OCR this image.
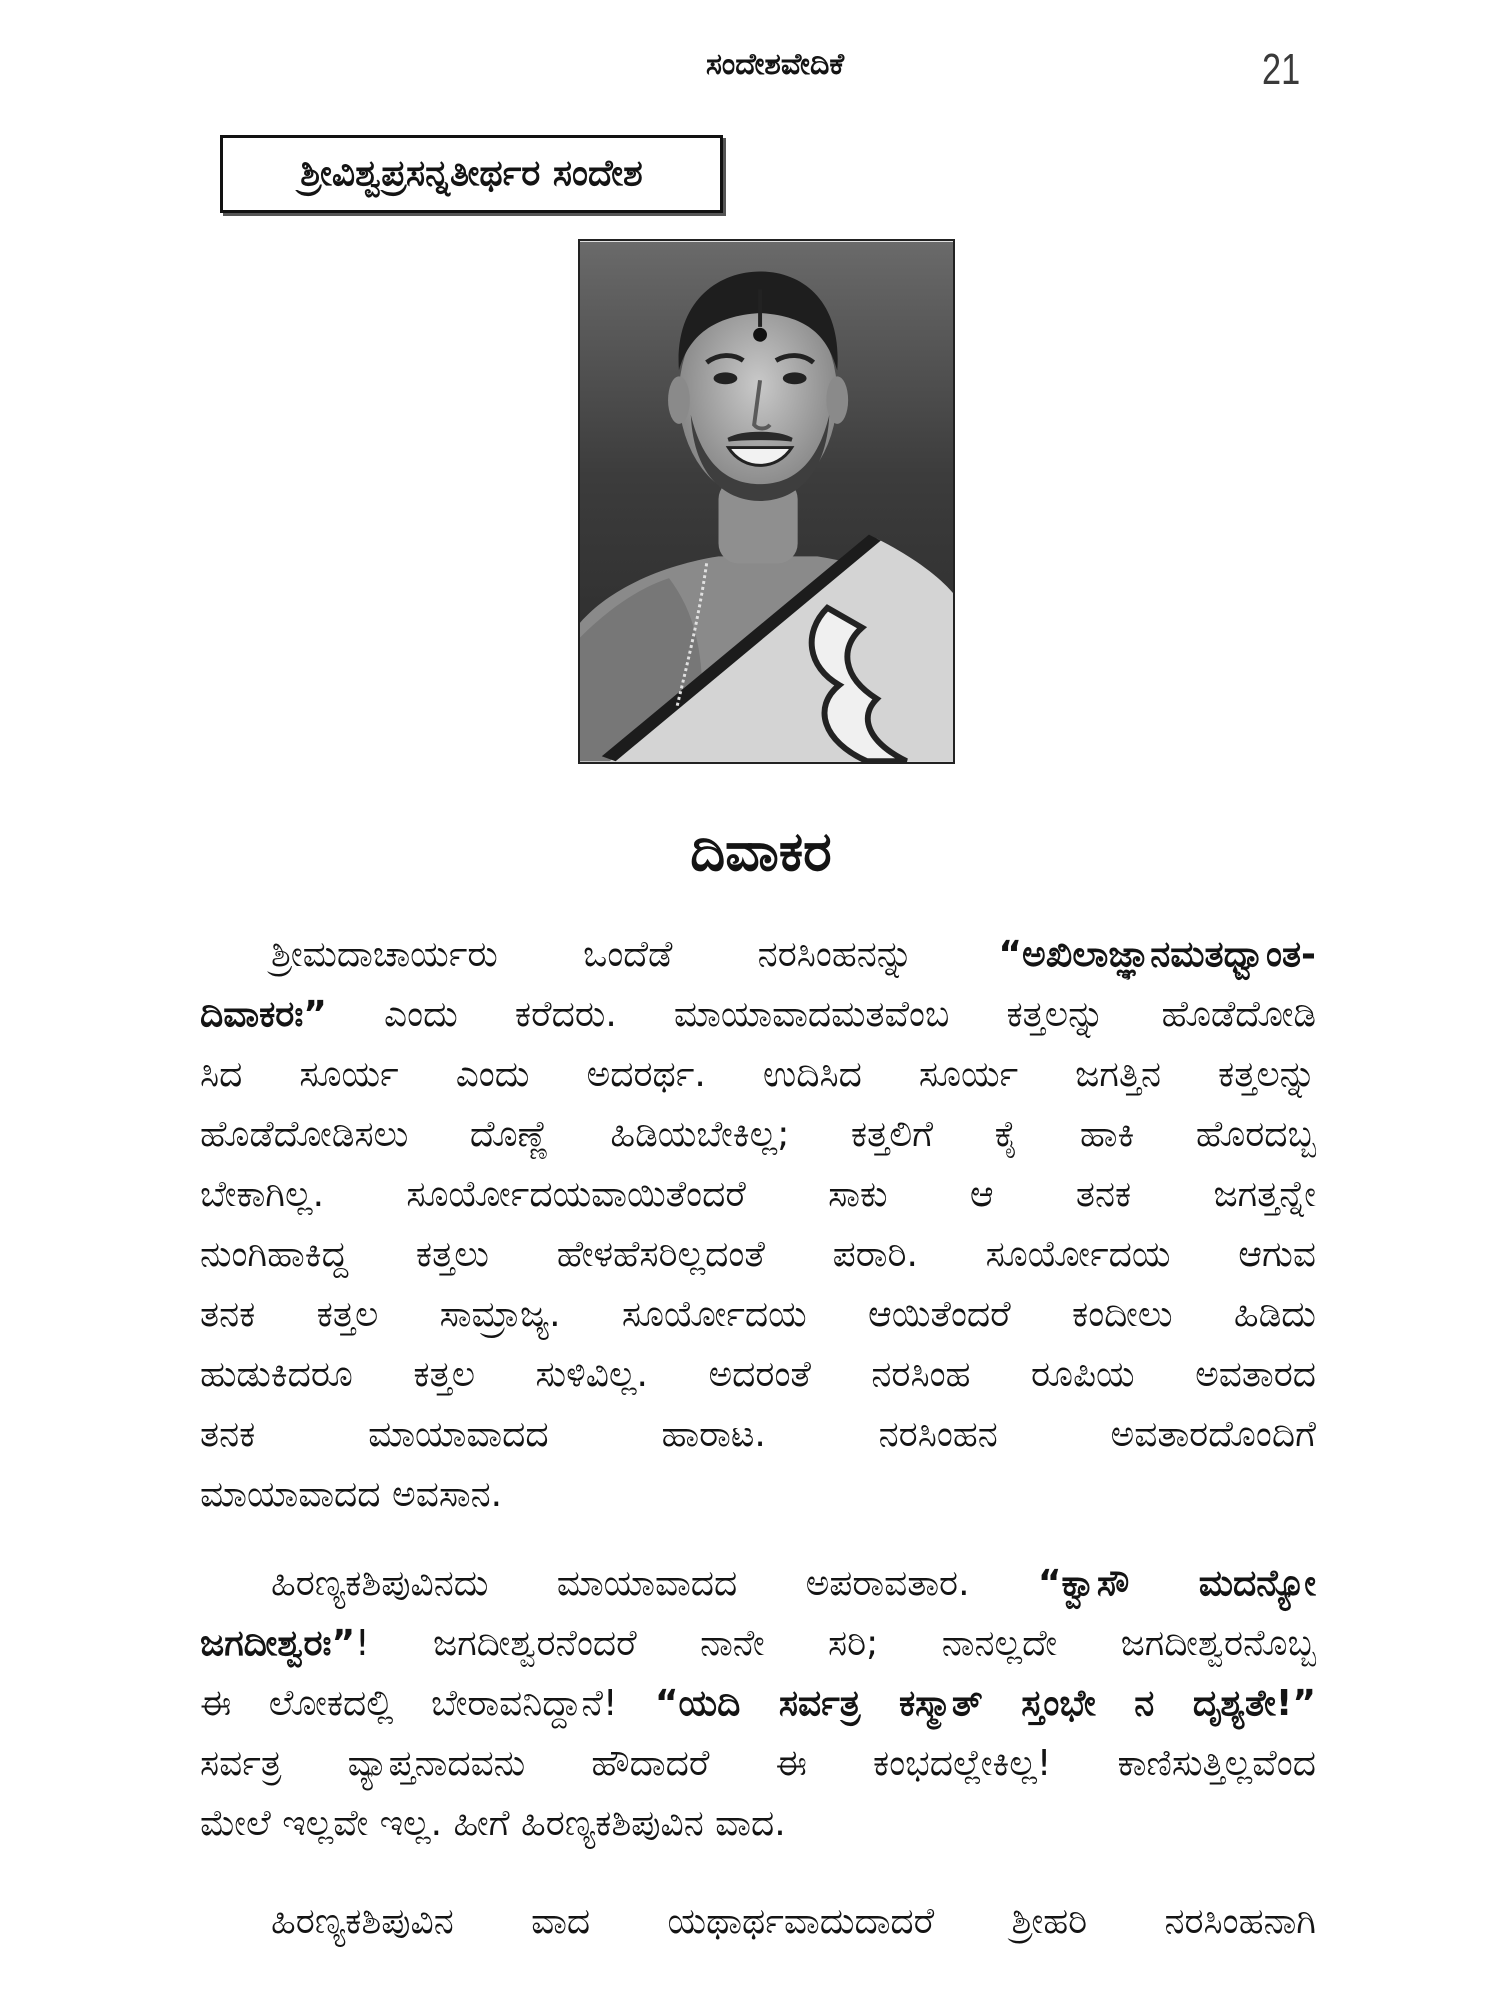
ಸಂದೇಶವೇದಿಕೆ	21
ಶ್ರೀವಿಶ್ವಪ್ರಸನ್ನತೀರ್ಥರ ಸಂದೇಶ
ದಿವಾಕರ
ಶ್ರೀಮದಾಚಾರ್ಯರು ಒಂದೆಡೆ ನರಸಿಂಹನನ್ನು “ಅಖಿಲಾಜ್ಞಾನಮತಧ್ವಾಂತ-
ದಿವಾಕರಃ” ಎಂದು ಕರೆದರು. ಮಾಯಾವಾದಮತವೆಂಬ ಕತ್ತಲನ್ನು ಹೊಡೆದೋಡಿ
ಸಿದ ಸೂರ್ಯ ಎಂದು ಅದರರ್ಥ. ಉದಿಸಿದ ಸೂರ್ಯ ಜಗತ್ತಿನ ಕತ್ತಲನ್ನು
ಹೊಡೆದೋಡಿಸಲು ದೊಣ್ಣೆ ಹಿಡಿಯಬೇಕಿಲ್ಲ; ಕತ್ತಲಿಗೆ ಕೈ ಹಾಕಿ ಹೊರದಬ್ಬ
ಬೇಕಾಗಿಲ್ಲ. ಸೂರ್ಯೋದಯವಾಯಿತೆಂದರೆ ಸಾಕು ಆ ತನಕ ಜಗತ್ತನ್ನೇ
ನುಂಗಿಹಾಕಿದ್ದ ಕತ್ತಲು ಹೇಳಹೆಸರಿಲ್ಲದಂತೆ ಪರಾರಿ. ಸೂರ್ಯೋದಯ ಆಗುವ
ತನಕ ಕತ್ತಲ ಸಾಮ್ರಾಜ್ಯ. ಸೂರ್ಯೋದಯ ಆಯಿತೆಂದರೆ ಕಂದೀಲು ಹಿಡಿದು
ಹುಡುಕಿದರೂ ಕತ್ತಲ ಸುಳಿವಿಲ್ಲ. ಅದರಂತೆ ನರಸಿಂಹ ರೂಪಿಯ ಅವತಾರದ
ತನಕ ಮಾಯಾವಾದದ ಹಾರಾಟ. ನರಸಿಂಹನ ಅವತಾರದೊಂದಿಗೆ
ಮಾಯಾವಾದದ ಅವಸಾನ.
ಹಿರಣ್ಯಕಶಿಪುವಿನದು ಮಾಯಾವಾದದ ಅಪರಾವತಾರ. “ಕ್ವಾಸೌ ಮದನ್ಯೋ
ಜಗದೀಶ್ವರಃ”! ಜಗದೀಶ್ವರನೆಂದರೆ ನಾನೇ ಸರಿ; ನಾನಲ್ಲದೇ ಜಗದೀಶ್ವರನೊಬ್ಬ
ಈ ಲೋಕದಲ್ಲಿ ಬೇರಾವನಿದ್ದಾನೆ! “ಯದಿ ಸರ್ವತ್ರ ಕಸ್ಮಾತ್ ಸ್ತಂಭೇ ನ ದೃಶ್ಯತೇ!”
ಸರ್ವತ್ರ ವ್ಯಾಪ್ತನಾದವನು ಹೌದಾದರೆ ಈ ಕಂಭದಲ್ಲೇಕಿಲ್ಲ! ಕಾಣಿಸುತ್ತಿಲ್ಲವೆಂದ
ಮೇಲೆ ಇಲ್ಲವೇ ಇಲ್ಲ. ಹೀಗೆ ಹಿರಣ್ಯಕಶಿಪುವಿನ ವಾದ.
ಹಿರಣ್ಯಕಶಿಪುವಿನ ವಾದ ಯಥಾರ್ಥವಾದುದಾದರೆ ಶ್ರೀಹರಿ ನರಸಿಂಹನಾಗಿ
